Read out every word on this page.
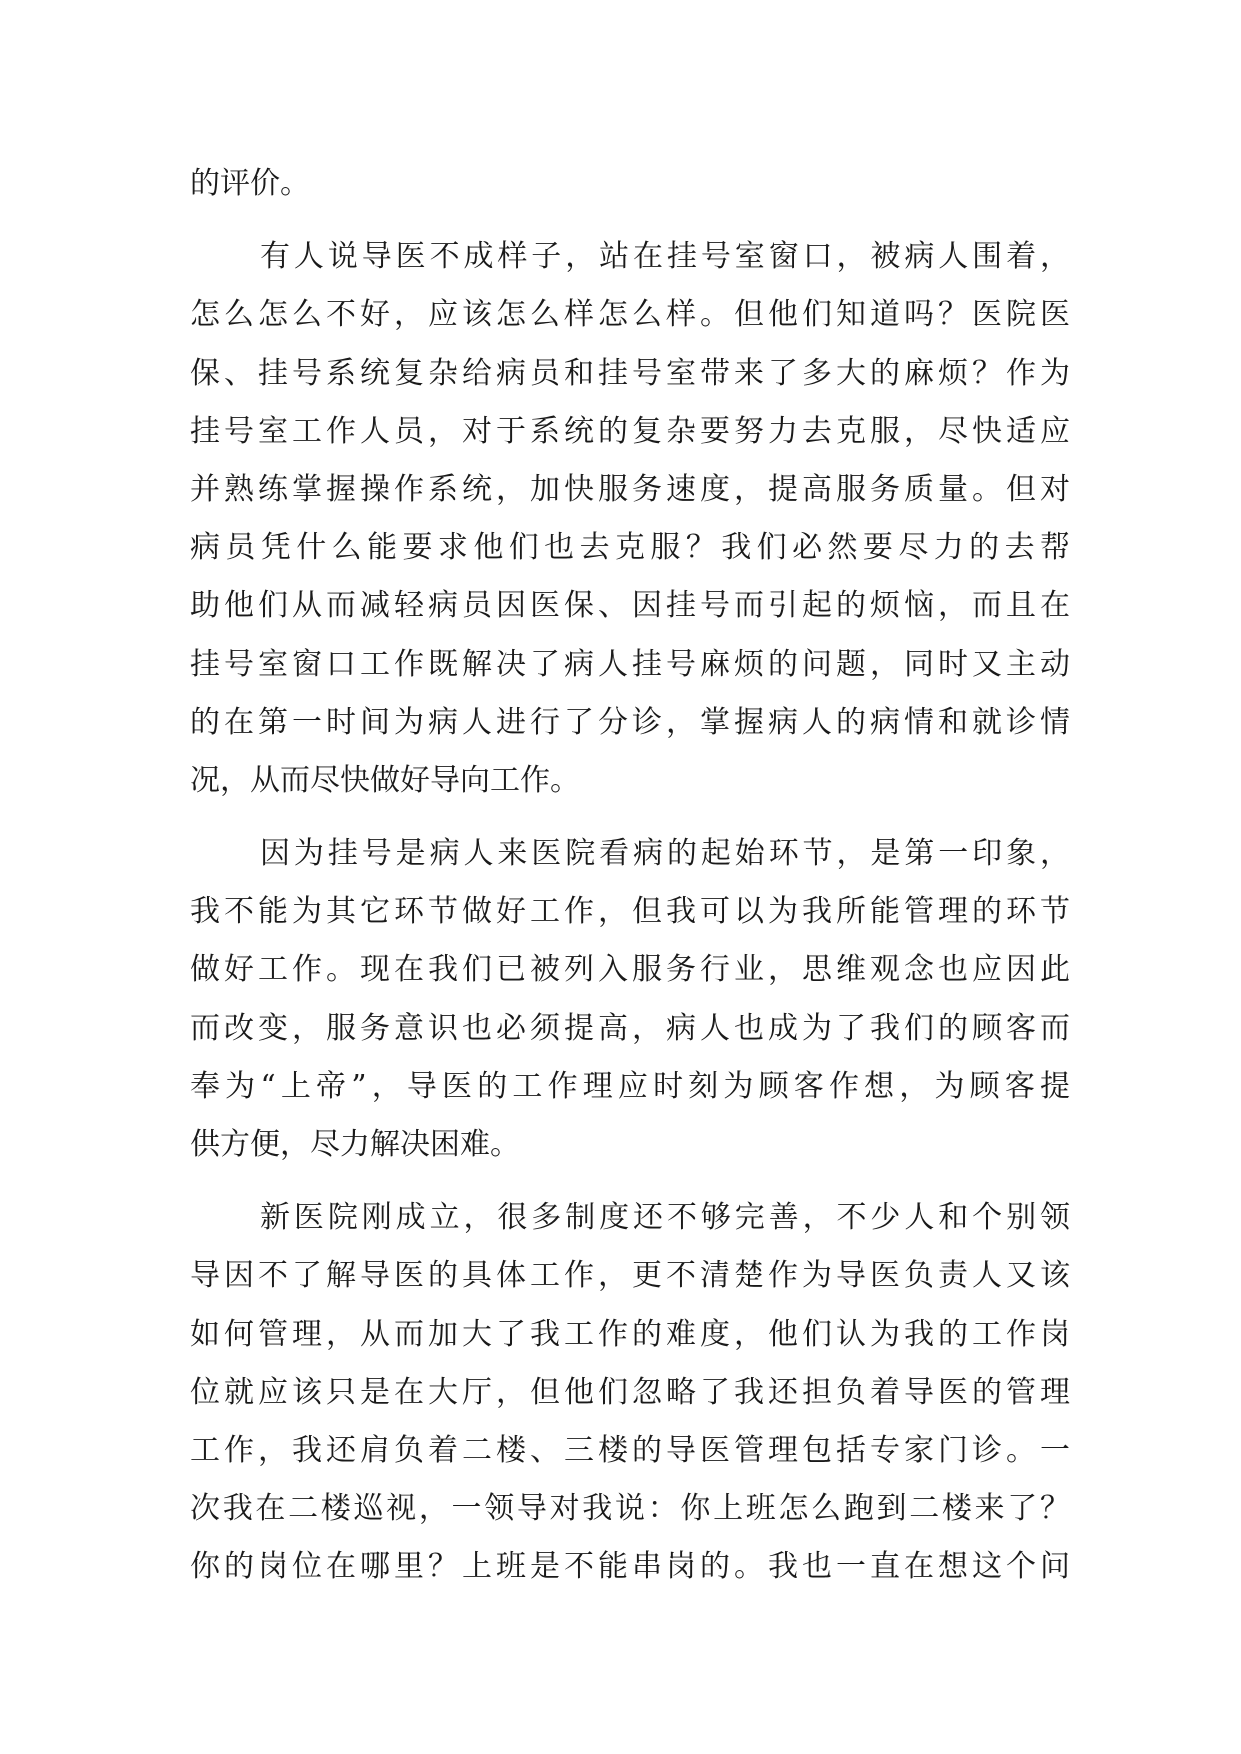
的评价。
有人说导医不成样子，站在挂号室窗口，被病人围着，
怎么怎么不好，应该怎么样怎么样。但他们知道吗？医院医
保、挂号系统复杂给病员和挂号室带来了多大的麻烦？作为
挂号室工作人员，对于系统的复杂要努力去克服，尽快适应
并熟练掌握操作系统，加快服务速度，提高服务质量。但对
病员凭什么能要求他们也去克服？我们必然要尽力的去帮
助他们从而减轻病员因医保、因挂号而引起的烦恼，而且在
挂号室窗口工作既解决了病人挂号麻烦的问题，同时又主动
的在第一时间为病人进行了分诊，掌握病人的病情和就诊情
况，从而尽快做好导向工作。
因为挂号是病人来医院看病的起始环节，是第一印象，
我不能为其它环节做好工作，但我可以为我所能管理的环节
做好工作。现在我们已被列入服务行业，思维观念也应因此
而改变，服务意识也必须提高，病人也成为了我们的顾客而
奉为“上帝”，导医的工作理应时刻为顾客作想，为顾客提
供方便，尽力解决困难。
新医院刚成立，很多制度还不够完善，不少人和个别领
导因不了解导医的具体工作，更不清楚作为导医负责人又该
如何管理，从而加大了我工作的难度，他们认为我的工作岗
位就应该只是在大厅，但他们忽略了我还担负着导医的管理
工作，我还肩负着二楼、三楼的导医管理包括专家门诊。一
次我在二楼巡视，一领导对我说：你上班怎么跑到二楼来了？
你的岗位在哪里？上班是不能串岗的。我也一直在想这个问
